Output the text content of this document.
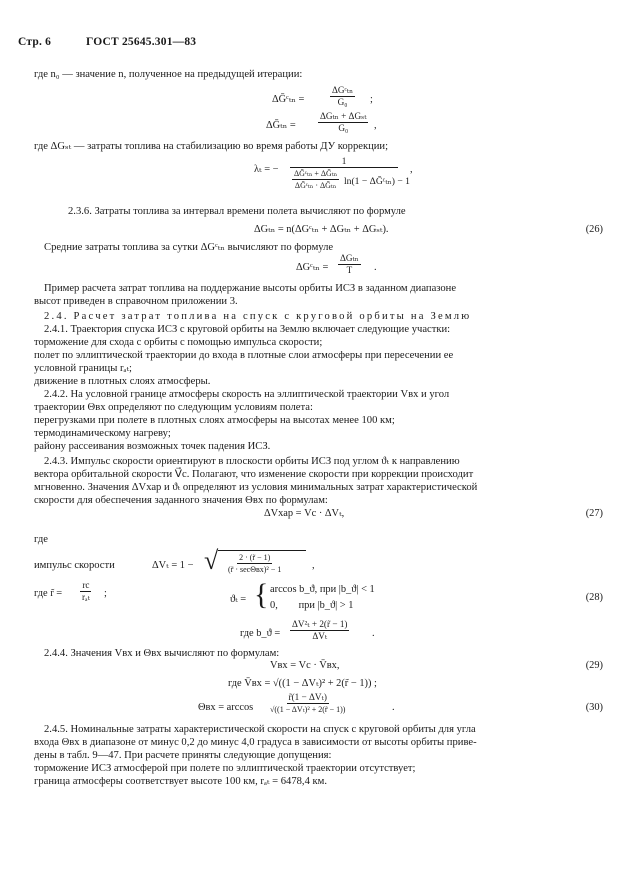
Стр. 6	ГОСТ 25645.301—83
где n₀ — значение n, полученное на предыдущей итерации:
ΔḠᶜₜₙ =
ΔGᶜₜₙ
G₀ ;
ΔḠₜₙ =
ΔGₜₙ + ΔGₛₜ
G₀ ,
где ΔGₛₜ — затраты топлива на стабилизацию во время работы ДУ коррекции;
λₜ = −
1
ΔḠᶜₜₙ + ΔḠₜₙ
ΔḠᶜₜₙ · ΔḠₜₙ ln(1 − ΔḠᶜₜₙ) − 1
,
2.3.6. Затраты топлива за интервал времени полета вычисляют по формуле
ΔGₜₙ = n(ΔGᶜₜₙ + ΔGₜₙ + ΔGₛₜ).	(26)
Средние затраты топлива за сутки ΔGᶜₜₙ вычисляют по формуле
ΔGᶜₜₙ =
ΔGₜₙ
T .
Пример расчета затрат топлива на поддержание высоты орбиты ИСЗ в заданном диапазоне
высот приведен в справочном приложении 3.
2.4. Расчет затрат топлива на спуск с круговой орбиты на Землю
2.4.1. Траектория спуска ИСЗ с круговой орбиты на Землю включает следующие участки:
торможение для схода с орбиты с помощью импульса скорости;
полет по эллиптической траектории до входа в плотные слои атмосферы при пересечении ее
условной границы rₐₜ;
движение в плотных слоях атмосферы.
2.4.2. На условной границе атмосферы скорость на эллиптической траектории Vвх и угол
траектории Θвх определяют по следующим условиям полета:
перегрузками при полете в плотных слоях атмосферы на высотах менее 100 км;
термодинамическому нагреву;
району рассеивания возможных точек падения ИСЗ.
2.4.3. Импульс скорости ориентируют в плоскости орбиты ИСЗ под углом ϑₜ к направлению
вектора орбитальной скорости V⃗c. Полагают, что изменение скорости при коррекции происходит
мгновенно. Значения ΔVхар и ϑₜ определяют из условия минимальных затрат характеристической
скорости для обеспечения заданного значения Θвх по формулам:
ΔVхар = Vc · ΔVₜ,	(27)
где
импульс скорости	ΔVₜ = 1 − √	2 · (r̃ − 1)
(r̃ · secΘвх)² − 1	,
где r̃ =
rc
rₐₜ ;
ϑₜ = { arccos b_ϑ, при |b_ϑ| < 1
0,        при |b_ϑ| > 1
(28)
где b_ϑ =
ΔV²ₜ + 2(r̃ − 1)
ΔVₜ	.
2.4.4. Значения Vвх и Θвх вычисляют по формулам:
Vвх = Vc · V̄вх,	(29)
где V̄вх = √((1 − ΔVₜ)² + 2(r̃ − 1)) ;
Θвх = arccos
r̃(1 − ΔVₜ)
√((1 − ΔVₜ)² + 2(r̃ − 1))	.	(30)
2.4.5. Номинальные затраты характеристической скорости на спуск с круговой орбиты для угла
входа Θвх в диапазоне от минус 0,2 до минус 4,0 градуса в зависимости от высоты орбиты приве-
дены в табл. 9—47. При расчете приняты следующие допущения:
торможение ИСЗ атмосферой при полете по эллиптической траектории отсутствует;
граница атмосферы соответствует высоте 100 км, rₐₜ = 6478,4 км.
